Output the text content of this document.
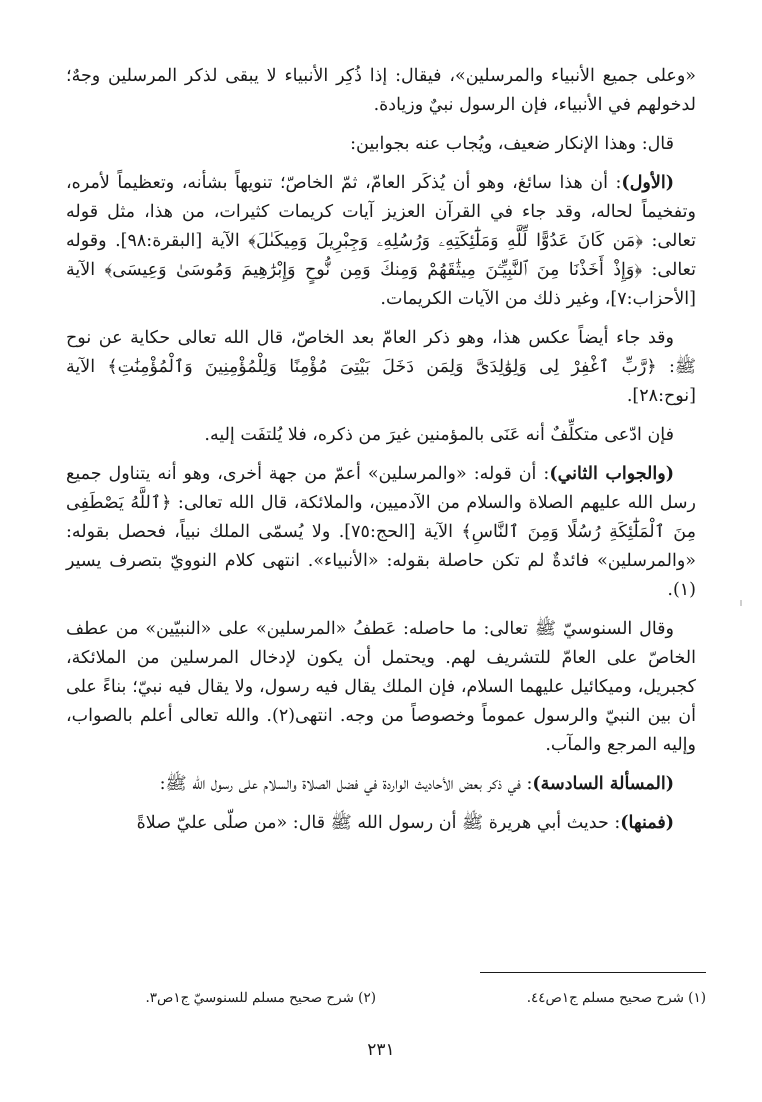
«وعلى جميع الأنبياء والمرسلين»، فيقال: إذا ذُكِر الأنبياء لا يبقى لذكر المرسلين وجهٌ؛ لدخولهم في الأنبياء، فإن الرسول نبيٌ وزيادة.

قال: وهذا الإنكار ضعيف، ويُجاب عنه بجوابين:

(الأول): أن هذا سائغ، وهو أن يُذكَر العامّ، ثمّ الخاصّ؛ تنويهاً بشأنه، وتعظيماً لأمره، وتفخيماً لحاله، وقد جاء في القرآن العزيز آيات كريمات كثيرات، من هذا، مثل قوله تعالى: ﴿مَن كَانَ عَدُوًّا لِّلَّهِ وَمَلَٰٓئِكَتِهِۦ وَرُسُلِهِۦ وَجِبْرِيلَ وَمِيكَىٰلَ﴾ الآية [البقرة:٩٨]. وقوله تعالى: ﴿وَإِذْ أَخَذْنَا مِنَ ٱلنَّبِيِّـۧنَ مِيثَٰقَهُمْ وَمِنكَ وَمِن نُّوحٍ وَإِبْرَٰهِيمَ وَمُوسَىٰ وَعِيسَى﴾ الآية [الأحزاب:٧]، وغير ذلك من الآيات الكريمات.

وقد جاء أيضاً عكس هذا، وهو ذكر العامّ بعد الخاصّ، قال الله تعالى حكاية عن نوح ﷺ: ﴿رَّبِّ ٱغْفِرْ لِى وَلِوَٰلِدَىَّ وَلِمَن دَخَلَ بَيْتِىَ مُؤْمِنًا وَلِلْمُؤْمِنِينَ وَٱلْمُؤْمِنَٰتِ﴾ الآية [نوح:٢٨].

فإن ادّعى متكلِّفٌ أنه عَنَى بالمؤمنين غيرَ من ذكره، فلا يُلتفَت إليه.

(والجواب الثاني): أن قوله: «والمرسلين» أعمّ من جهة أخرى، وهو أنه يتناول جميع رسل الله عليهم الصلاة والسلام من الآدميين، والملائكة، قال الله تعالى: ﴿ٱللَّهُ يَصْطَفِى مِنَ ٱلْمَلَٰٓئِكَةِ رُسُلًا وَمِنَ ٱلنَّاسِ﴾ الآية [الحج:٧٥]. ولا يُسمّى الملك نبياً، فحصل بقوله: «والمرسلين» فائدةٌ لم تكن حاصلة بقوله: «الأنبياء». انتهى كلام النوويّ بتصرف يسير (١).

وقال السنوسيّ ﷺ تعالى: ما حاصله: عَطفُ «المرسلين» على «النبيّين» من عطف الخاصّ على العامّ للتشريف لهم. ويحتمل أن يكون لإدخال المرسلين من الملائكة، كجبريل، وميكائيل عليهما السلام، فإن الملك يقال فيه رسول، ولا يقال فيه نبيّ؛ بناءً على أن بين النبيّ والرسول عموماً وخصوصاً من وجه. انتهى(٢). والله تعالى أعلم بالصواب، وإليه المرجع والمآب.

(المسألة السادسة): في ذكر بعض الأحاديث الواردة في فضل الصلاة والسلام على رسول الله ﷺ:

(فمنها): حديث أبي هريرة ﷺ أن رسول الله ﷺ قال: «من صلّى عليّ صلاةً

(١) شرح صحيح مسلم ج١ص٤٤.
(٢) شرح صحيح مسلم للسنوسيّ ج١ص٣.
٢٣١
